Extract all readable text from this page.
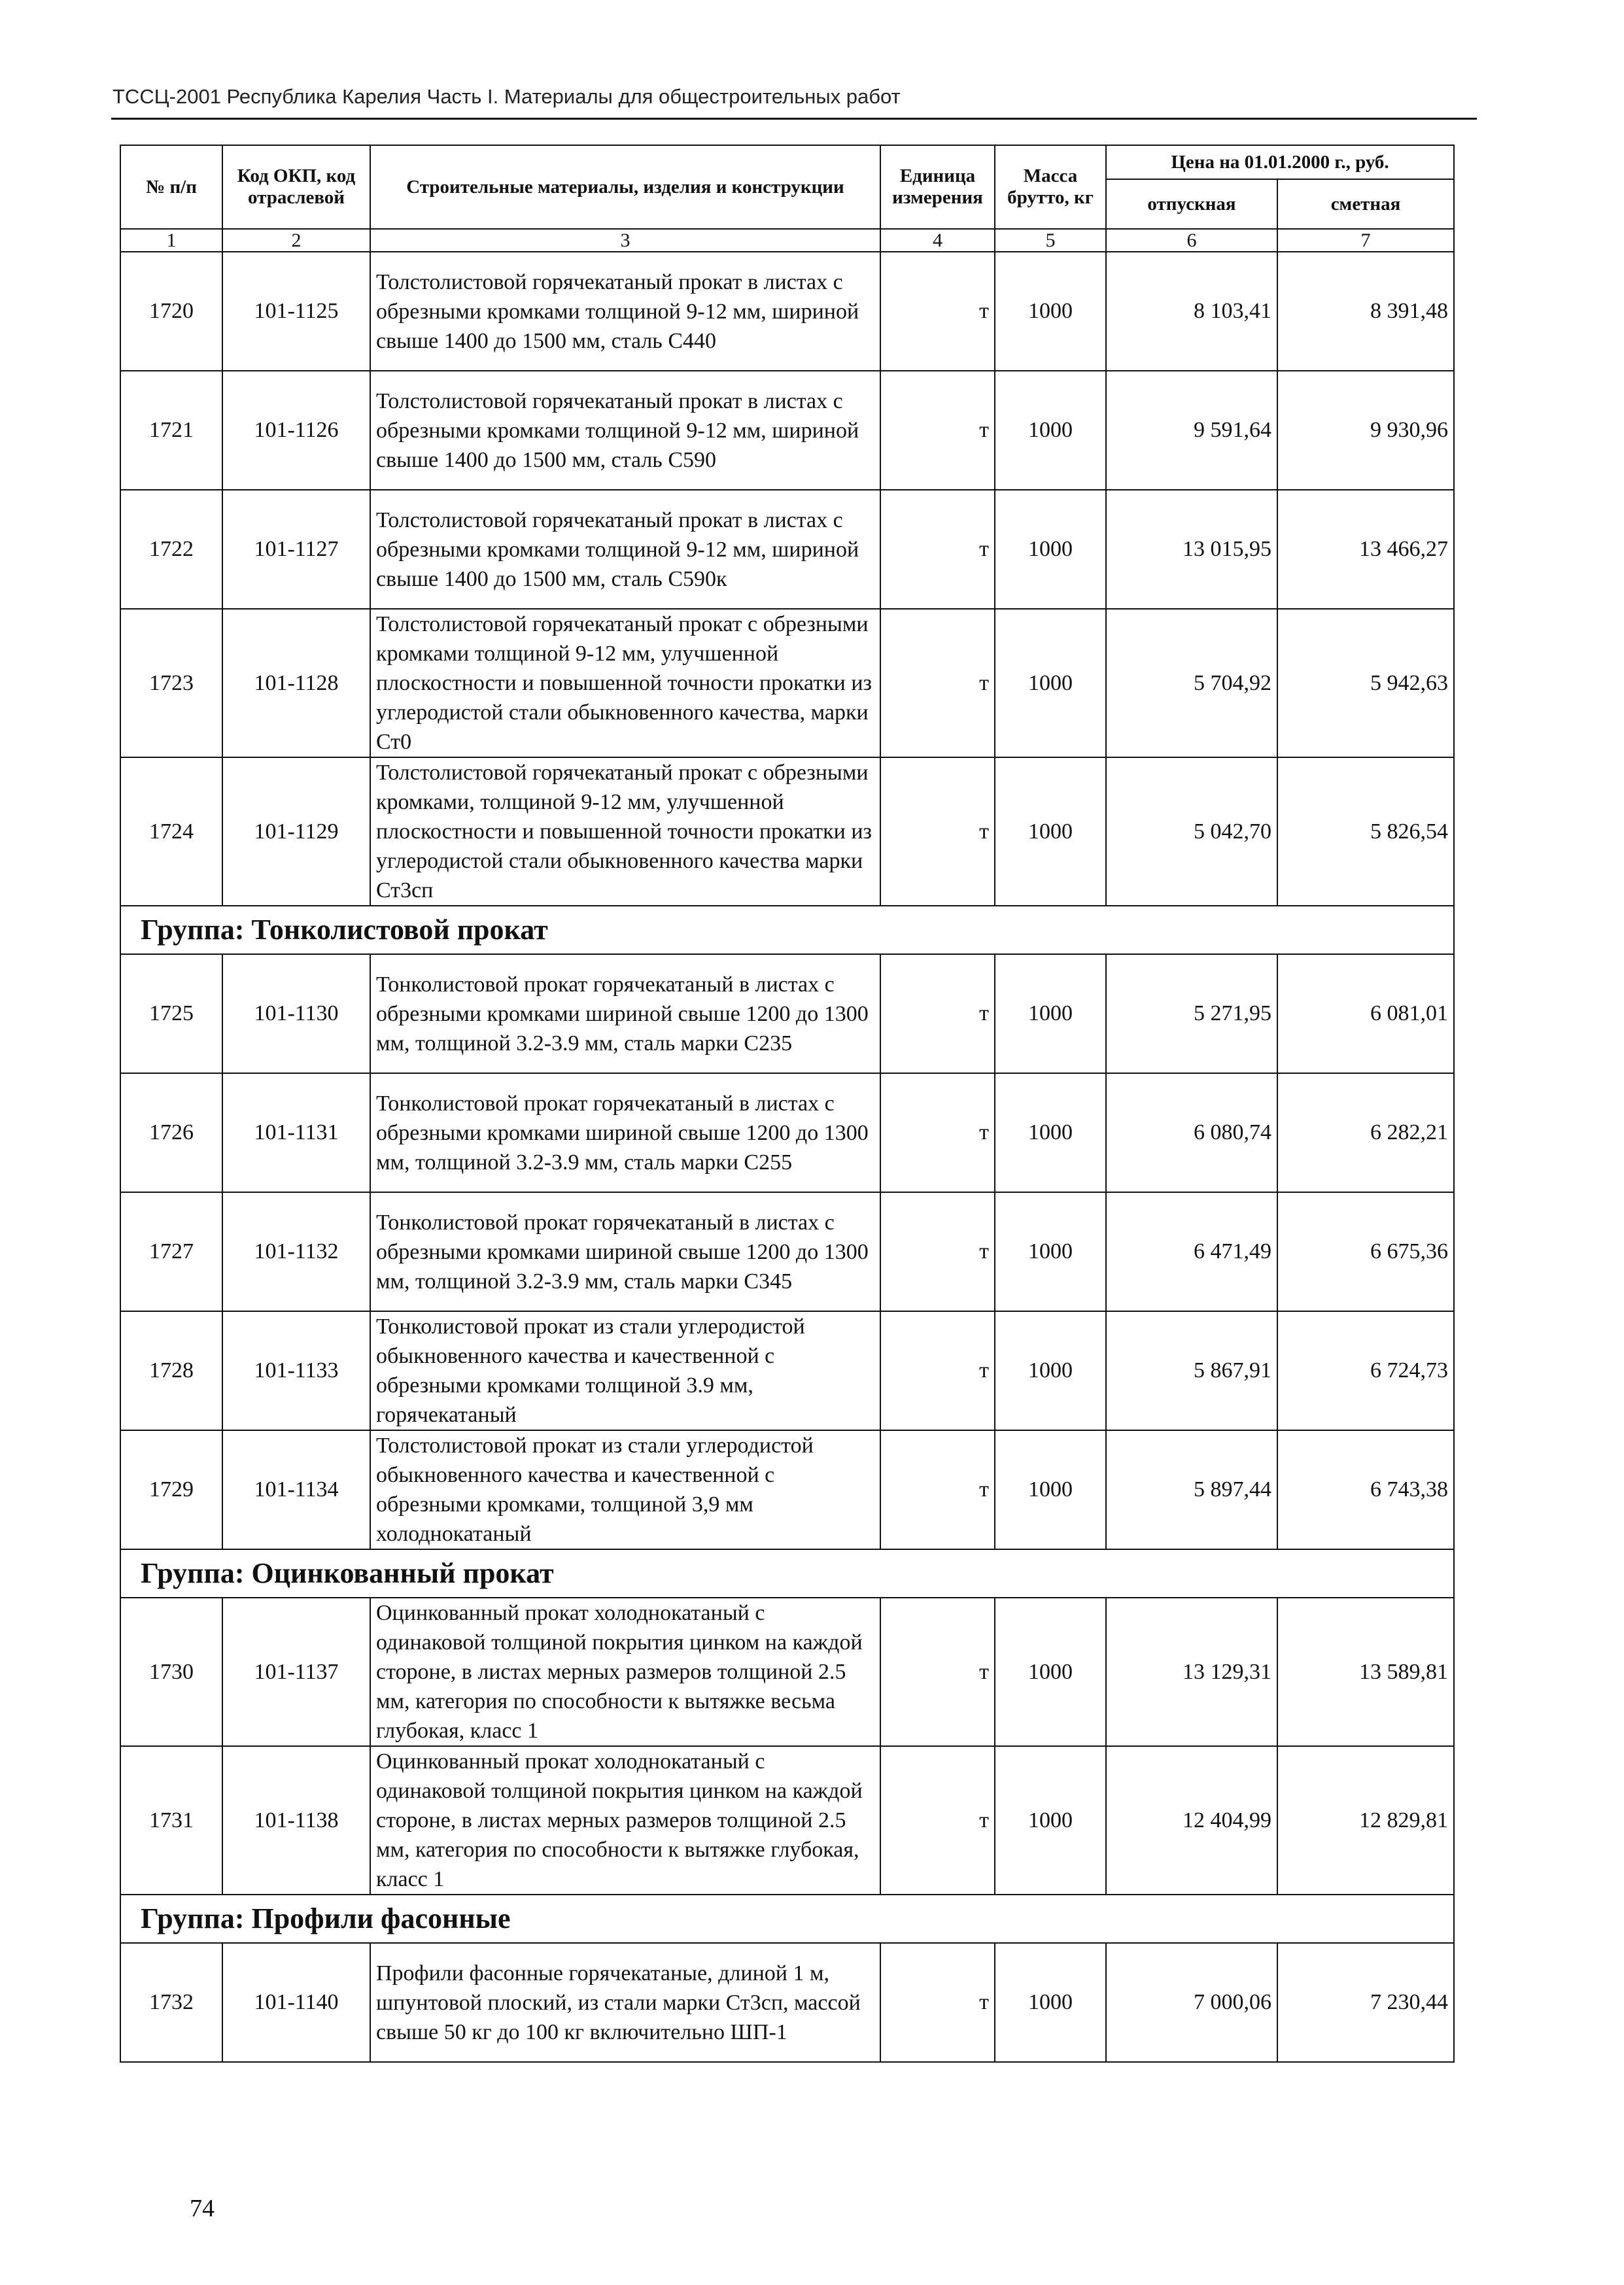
ТССЦ-2001 Республика Карелия Часть I. Материалы для общестроительных работ
№ п/п	Код ОКП, код отраслевой	Строительные материалы, изделия и конструкции	Единица измерения	Масса брутто, кг	Цена на 01.01.2000 г., руб.	
					отпускная	сметная
1	2	3	4	5	6	7
1720	101-1125	Толстолистовой горячекатаный прокат в листах с обрезными кромками толщиной 9-12 мм, шириной свыше 1400 до 1500 мм, сталь С440	т	1000	8 103,41	8 391,48
1721	101-1126	Толстолистовой горячекатаный прокат в листах с обрезными кромками толщиной 9-12 мм, шириной свыше 1400 до 1500 мм, сталь С590	т	1000	9 591,64	9 930,96
1722	101-1127	Толстолистовой горячекатаный прокат в листах с обрезными кромками толщиной 9-12 мм, шириной свыше 1400 до 1500 мм, сталь С590к	т	1000	13 015,95	13 466,27
1723	101-1128	Толстолистовой горячекатаный прокат с обрезными кромками толщиной 9-12 мм, улучшенной плоскостности и повышенной точности прокатки из углеродистой стали обыкновенного качества, марки Ст0	т	1000	5 704,92	5 942,63
1724	101-1129	Толстолистовой горячекатаный прокат с обрезными кромками, толщиной 9-12 мм, улучшенной плоскостности и повышенной точности прокатки из углеродистой стали обыкновенного качества марки Ст3сп	т	1000	5 042,70	5 826,54
Группа: Тонколистовой прокат						
1725	101-1130	Тонколистовой прокат горячекатаный в листах с обрезными кромками шириной свыше 1200 до 1300 мм, толщиной 3.2-3.9 мм, сталь марки С235	т	1000	5 271,95	6 081,01
1726	101-1131	Тонколистовой прокат горячекатаный в листах с обрезными кромками шириной свыше 1200 до 1300 мм, толщиной 3.2-3.9 мм, сталь марки С255	т	1000	6 080,74	6 282,21
1727	101-1132	Тонколистовой прокат горячекатаный в листах с обрезными кромками шириной свыше 1200 до 1300 мм, толщиной 3.2-3.9 мм, сталь марки С345	т	1000	6 471,49	6 675,36
1728	101-1133	Тонколистовой прокат из стали углеродистой обыкновенного качества и качественной с обрезными кромками толщиной 3.9 мм, горячекатаный	т	1000	5 867,91	6 724,73
1729	101-1134	Толстолистовой прокат из стали углеродистой обыкновенного качества и качественной с обрезными кромками, толщиной 3,9 мм холоднокатаный	т	1000	5 897,44	6 743,38
Группа: Оцинкованный прокат						
1730	101-1137	Оцинкованный прокат холоднокатаный с одинаковой толщиной покрытия цинком на каждой стороне, в листах мерных размеров толщиной 2.5 мм, категория по способности к вытяжке весьма глубокая, класс 1	т	1000	13 129,31	13 589,81
1731	101-1138	Оцинкованный прокат холоднокатаный с одинаковой толщиной покрытия цинком на каждой стороне, в листах мерных размеров толщиной 2.5 мм, категория по способности к вытяжке глубокая, класс 1	т	1000	12 404,99	12 829,81
Группа: Профили фасонные						
1732	101-1140	Профили фасонные горячекатаные, длиной 1 м, шпунтовой плоский, из стали марки Ст3сп, массой свыше 50 кг до 100 кг включительно ШП-1	т	1000	7 000,06	7 230,44
74
